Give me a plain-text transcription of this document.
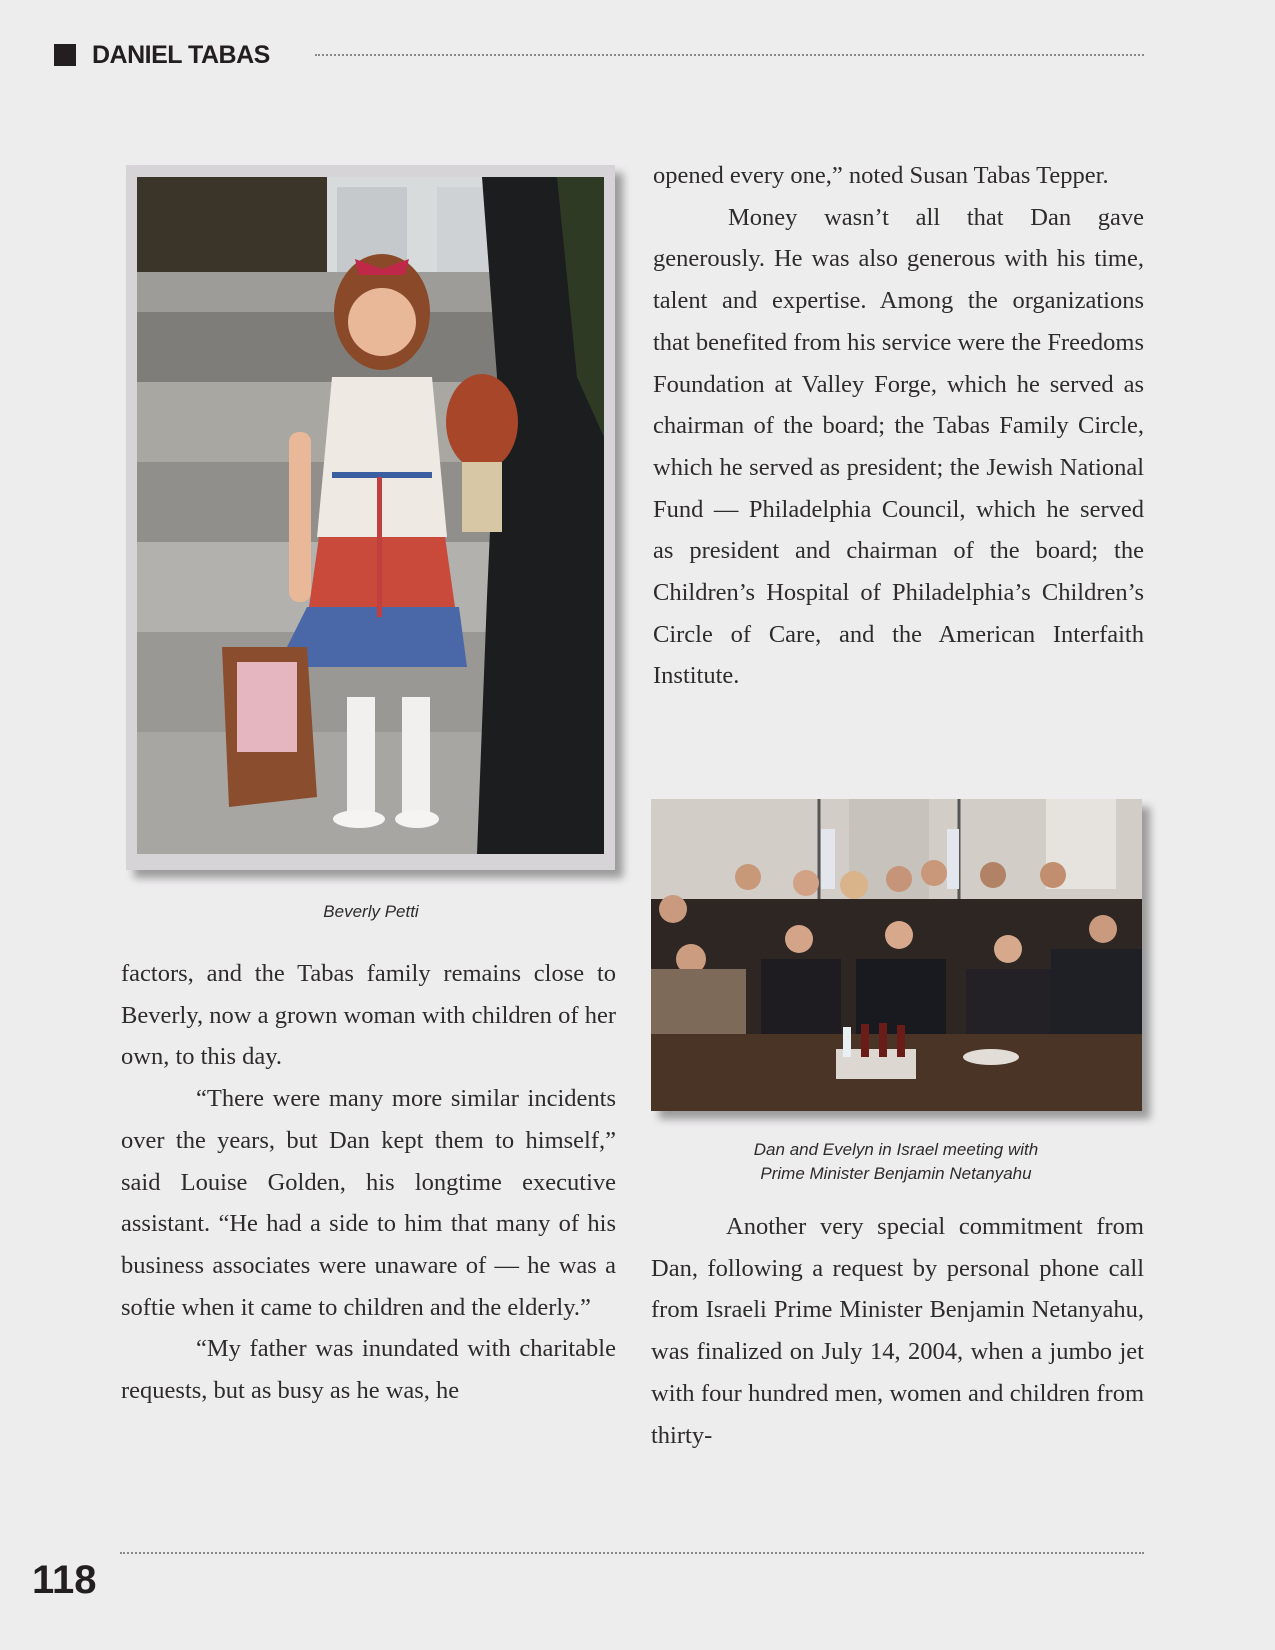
DANIEL TABAS
Beverly Petti
Dan and Evelyn in Israel meeting with
Prime Minister Benjamin Netanyahu

opened every one,” noted Susan Tabas Tepper.

Money wasn’t all that Dan gave generously. He was also generous with his time, talent and expertise. Among the organizations that benefited from his service were the Freedoms Foundation at Valley Forge, which he served as chairman of the board; the Tabas Family Circle, which he served as president; the Jewish National Fund — Philadelphia Council, which he served as president and chairman of the board; the Children’s Hospital of Philadelphia’s Children’s Circle of Care, and the American Interfaith Institute.

factors, and the Tabas family remains close to Beverly, now a grown woman with children of her own, to this day.

“There were many more similar incidents over the years, but Dan kept them to himself,” said Louise Golden, his longtime executive assistant. “He had a side to him that many of his business associates were unaware of — he was a softie when it came to children and the elderly.”

“My father was inundated with charitable requests, but as busy as he was, he

Another very special commitment from Dan, following a request by personal phone call from Israeli Prime Minister Benjamin Netanyahu, was finalized on July 14, 2004, when a jumbo jet with four hundred men, women and children from thirty-

118
